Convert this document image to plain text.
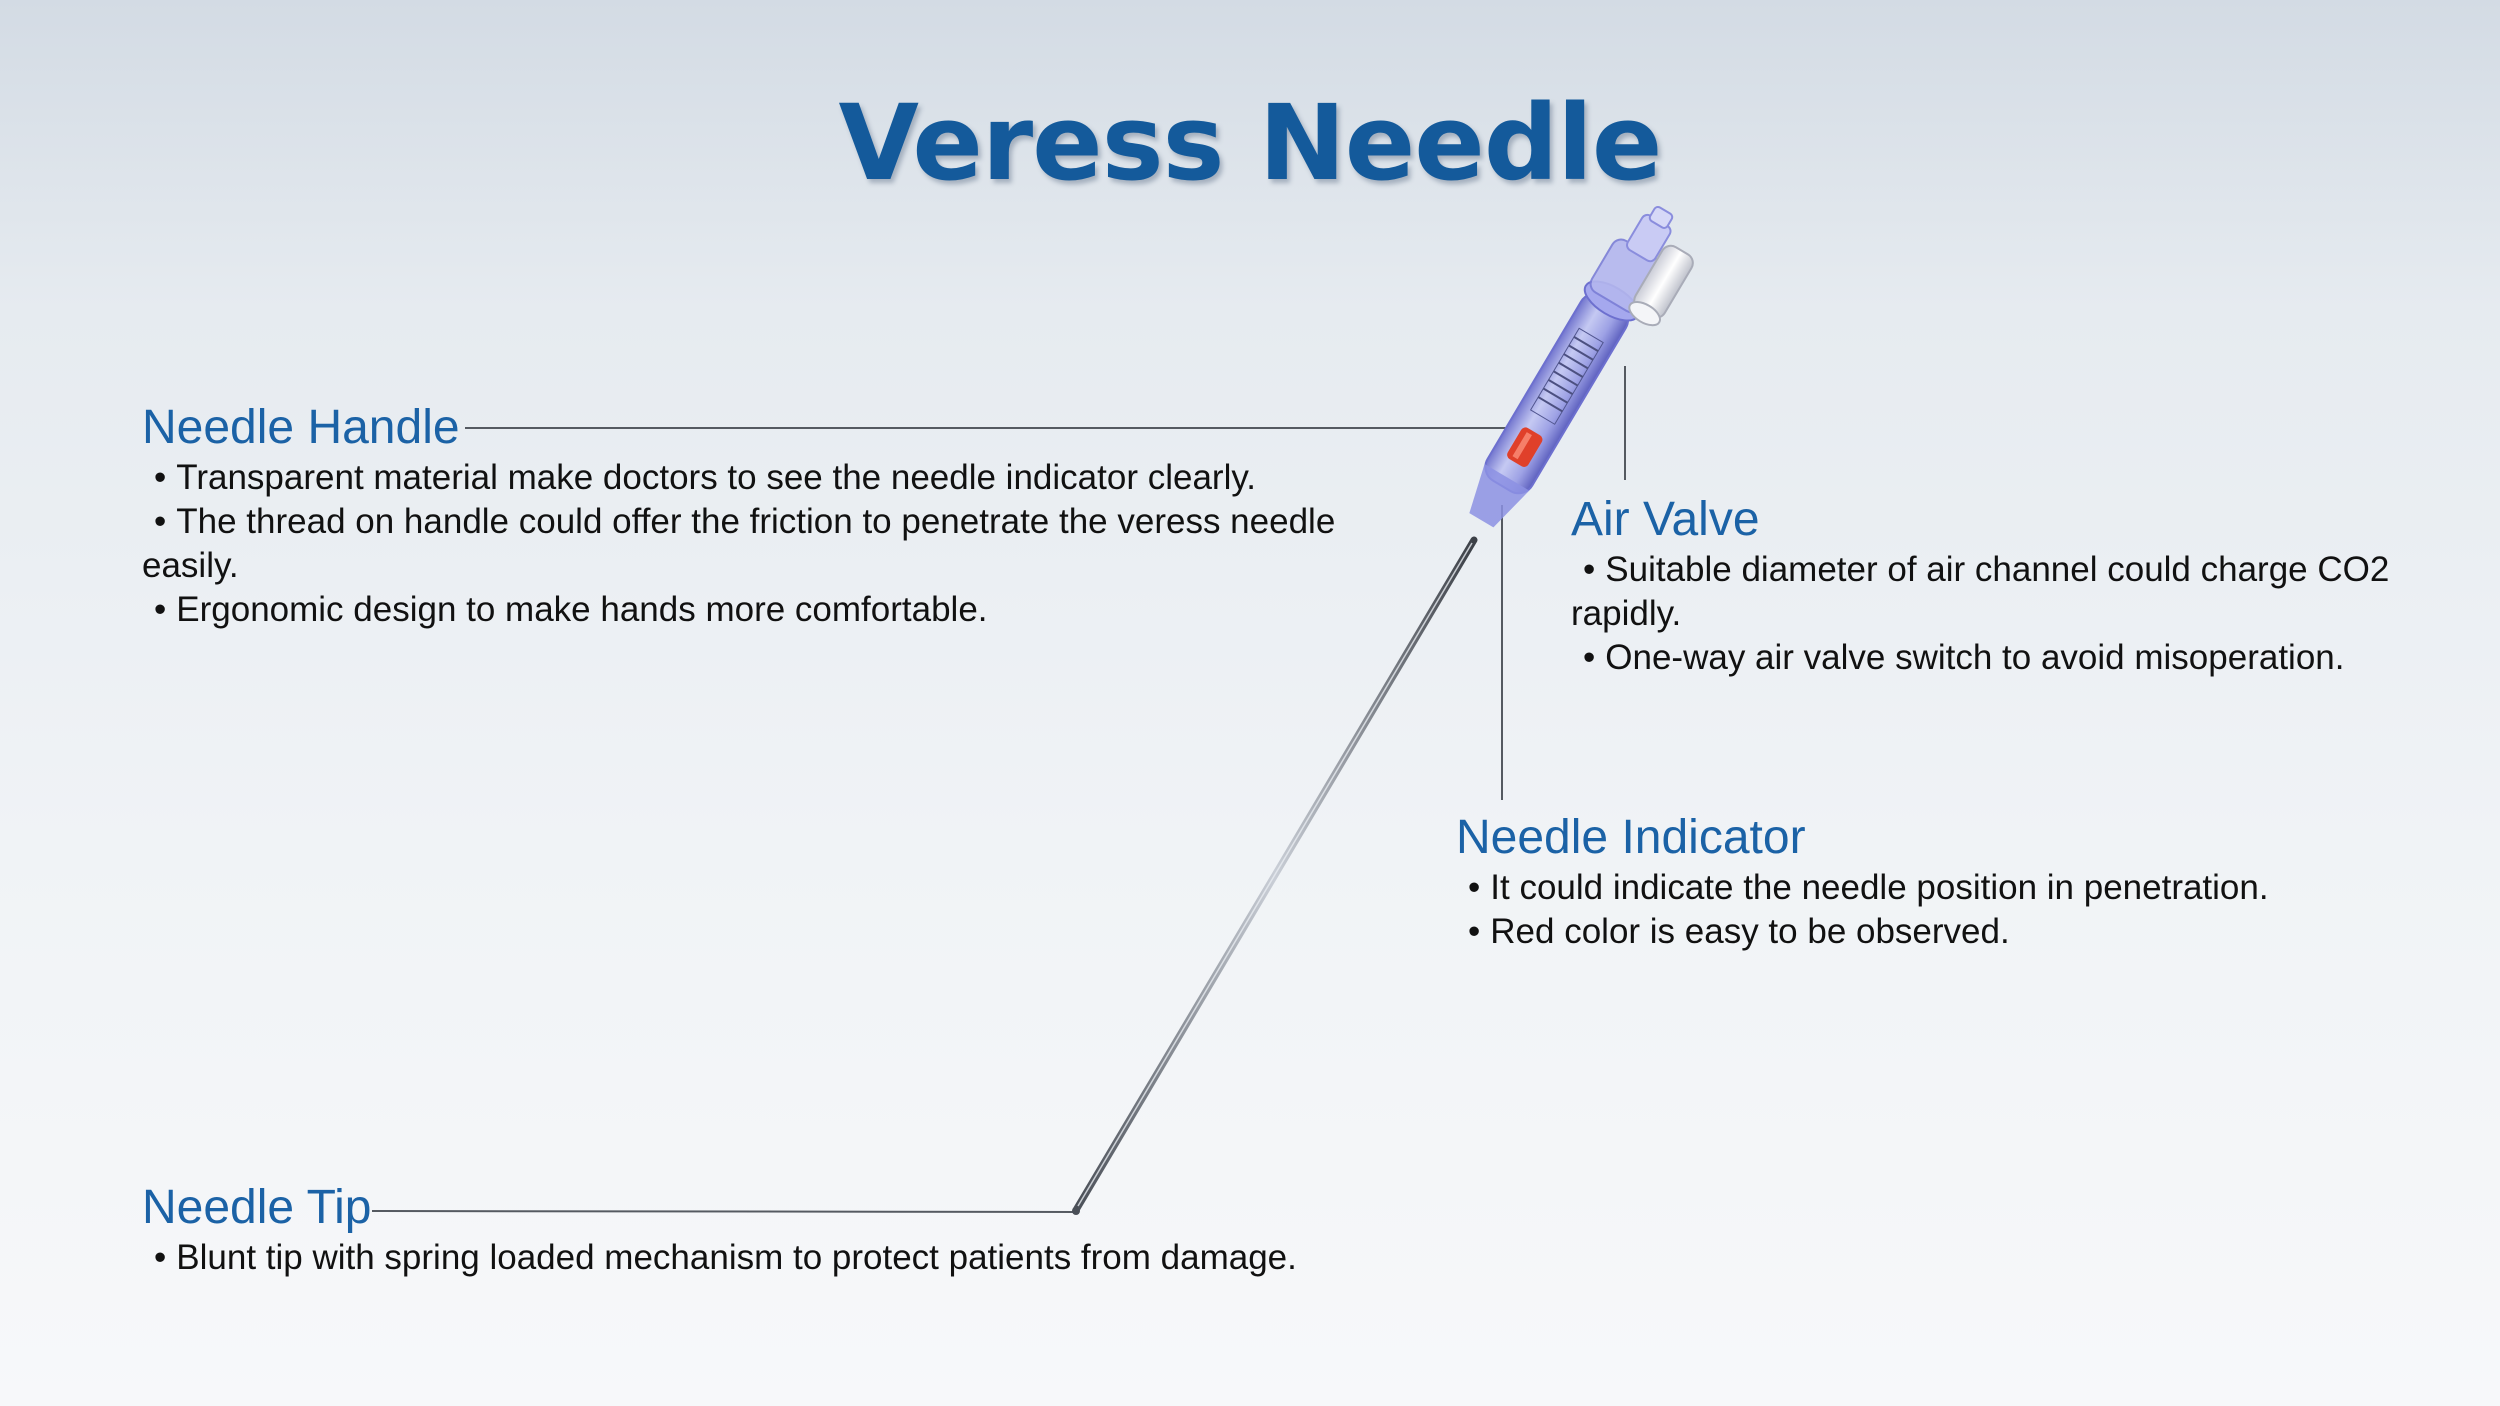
Veress Needle
Needle Handle
• Transparent material make doctors to see the needle indicator clearly.
• The thread on handle could offer the friction to penetrate the veress needle easily.
• Ergonomic design to make hands more comfortable.
Air Valve
• Suitable diameter of air channel could charge CO2 rapidly.
• One-way air valve switch to avoid misoperation.
Needle Indicator
• It could indicate the needle position in penetration.
• Red color is easy to be observed.
Needle Tip
• Blunt tip with spring loaded mechanism to protect patients from damage.
